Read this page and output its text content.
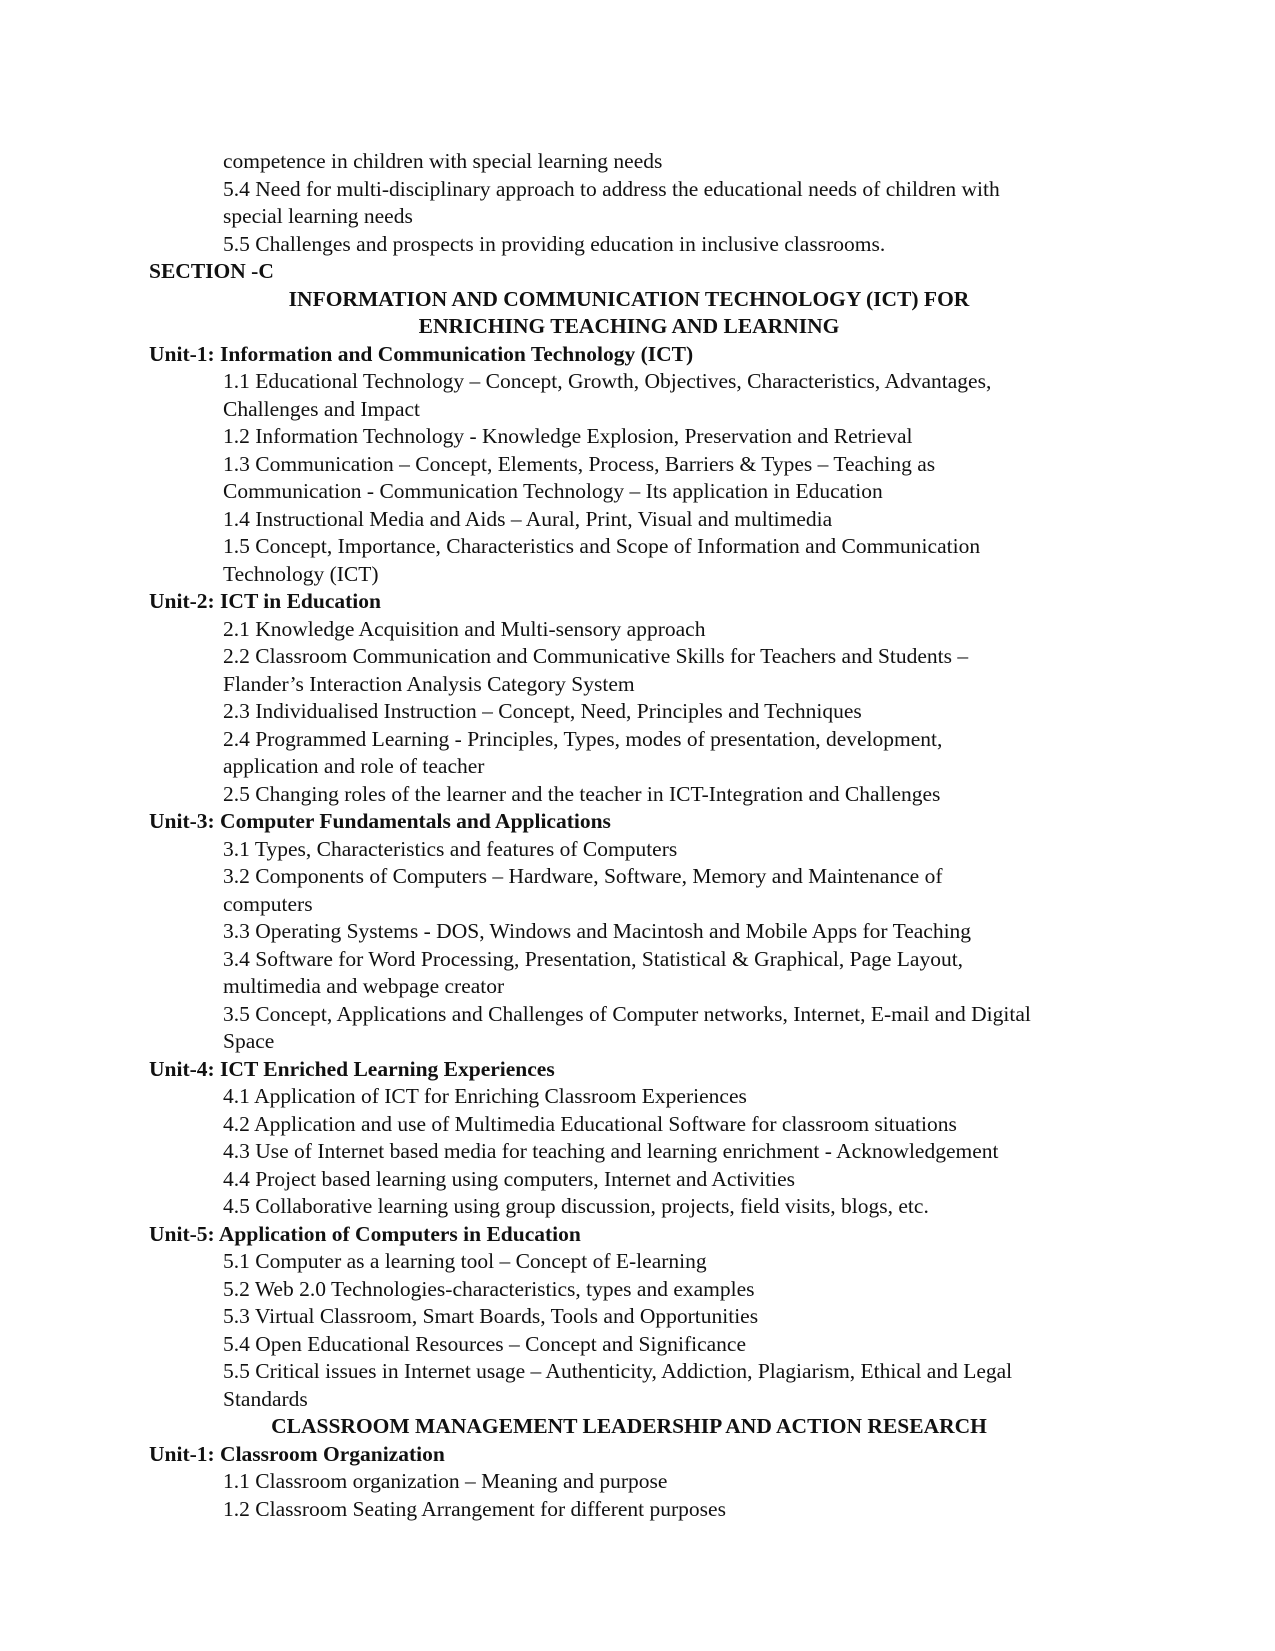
competence in children with special learning needs
5.4 Need for multi-disciplinary approach to address the educational needs of children with special learning needs
5.5 Challenges and prospects in providing education in inclusive classrooms.
SECTION -C
INFORMATION AND COMMUNICATION TECHNOLOGY (ICT) FOR
ENRICHING TEACHING AND LEARNING
Unit-1: Information and Communication Technology (ICT)
1.1 Educational Technology – Concept, Growth, Objectives, Characteristics, Advantages, Challenges and Impact
1.2 Information Technology - Knowledge Explosion, Preservation and Retrieval
1.3 Communication – Concept, Elements, Process, Barriers & Types – Teaching as Communication - Communication Technology – Its application in Education
1.4 Instructional Media and Aids – Aural, Print, Visual and multimedia
1.5 Concept, Importance, Characteristics and Scope of Information and Communication Technology (ICT)
Unit-2: ICT in Education
2.1 Knowledge Acquisition and Multi-sensory approach
2.2 Classroom Communication and Communicative Skills for Teachers and Students – Flander’s Interaction Analysis Category System
2.3 Individualised Instruction – Concept, Need, Principles and Techniques
2.4 Programmed Learning - Principles, Types, modes of presentation, development, application and role of teacher
2.5 Changing roles of the learner and the teacher in ICT-Integration and Challenges
Unit-3: Computer Fundamentals and Applications
3.1 Types, Characteristics and features of Computers
3.2 Components of Computers – Hardware, Software, Memory and Maintenance of computers
3.3 Operating Systems - DOS, Windows and Macintosh and Mobile Apps for Teaching
3.4 Software for Word Processing, Presentation, Statistical & Graphical, Page Layout, multimedia and webpage creator
3.5 Concept, Applications and Challenges of Computer networks, Internet, E-mail and Digital Space
Unit-4: ICT Enriched Learning Experiences
4.1 Application of ICT for Enriching Classroom Experiences
4.2 Application and use of Multimedia Educational Software for classroom situations
4.3 Use of Internet based media for teaching and learning enrichment - Acknowledgement
4.4 Project based learning using computers, Internet and Activities
4.5 Collaborative learning using group discussion, projects, field visits, blogs, etc.
Unit-5: Application of Computers in Education
5.1 Computer as a learning tool – Concept of E-learning
5.2 Web 2.0 Technologies-characteristics, types and examples
5.3 Virtual Classroom, Smart Boards, Tools and Opportunities
5.4 Open Educational Resources – Concept and Significance
5.5 Critical issues in Internet usage – Authenticity, Addiction, Plagiarism, Ethical and Legal Standards
CLASSROOM MANAGEMENT LEADERSHIP AND ACTION RESEARCH
Unit-1: Classroom Organization
1.1 Classroom organization – Meaning and purpose
1.2 Classroom Seating Arrangement for different purposes
